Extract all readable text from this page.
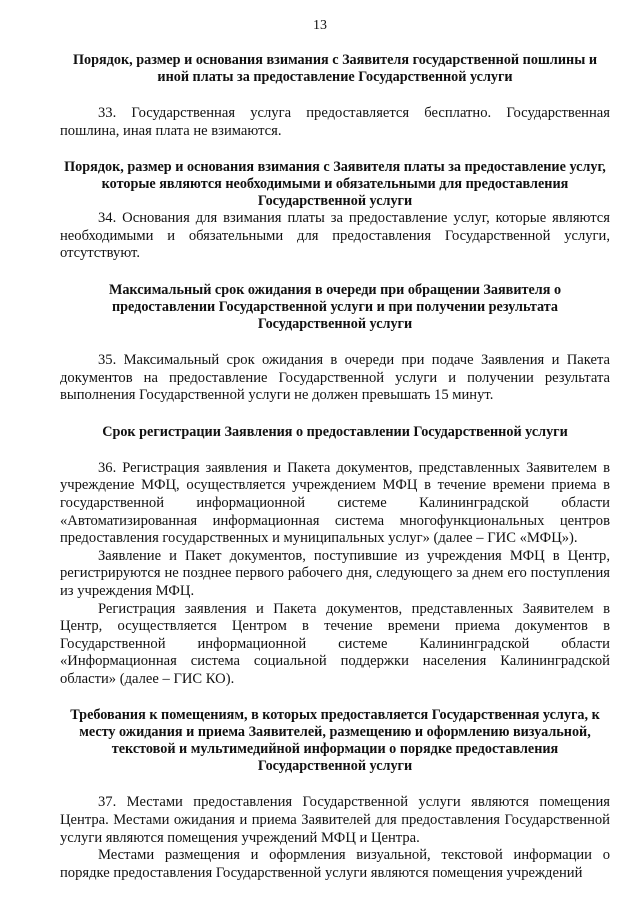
13

Порядок, размер и основания взимания с Заявителя государственной пошлины и иной платы за предоставление Государственной услуги

33. Государственная услуга предоставляется бесплатно. Государственная пошлина, иная плата не взимаются.

Порядок, размер и основания взимания с Заявителя платы за предоставление услуг, которые являются необходимыми и обязательными для предоставления Государственной услуги

34. Основания для взимания платы за предоставление услуг, которые являются необходимыми и обязательными для предоставления Государственной услуги, отсутствуют.

Максимальный срок ожидания в очереди при обращении Заявителя о предоставлении Государственной услуги и при получении результата Государственной услуги

35. Максимальный срок ожидания в очереди при подаче Заявления и Пакета документов на предоставление Государственной услуги и получении результата выполнения Государственной услуги не должен превышать 15 минут.

Срок регистрации Заявления о предоставлении Государственной услуги

36. Регистрация заявления и Пакета документов, представленных Заявителем в учреждение МФЦ, осуществляется учреждением МФЦ в течение времени приема в государственной информационной системе Калининградской области «Автоматизированная информационная система многофункциональных центров предоставления государственных и муниципальных услуг» (далее – ГИС «МФЦ»).

Заявление и Пакет документов, поступившие из учреждения МФЦ в Центр, регистрируются не позднее первого рабочего дня, следующего за днем его поступления из учреждения МФЦ.

Регистрация заявления и Пакета документов, представленных Заявителем в Центр, осуществляется Центром в течение времени приема документов в Государственной информационной системе Калининградской области «Информационная система социальной поддержки населения Калининградской области» (далее – ГИС КО).

Требования к помещениям, в которых предоставляется Государственная услуга, к месту ожидания и приема Заявителей, размещению и оформлению визуальной, текстовой и мультимедийной информации о порядке предоставления Государственной услуги

37. Местами предоставления Государственной услуги являются помещения Центра. Местами ожидания и приема Заявителей для предоставления Государственной услуги являются помещения учреждений МФЦ и Центра.

Местами размещения и оформления визуальной, текстовой информации о порядке предоставления Государственной услуги являются помещения учреждений
